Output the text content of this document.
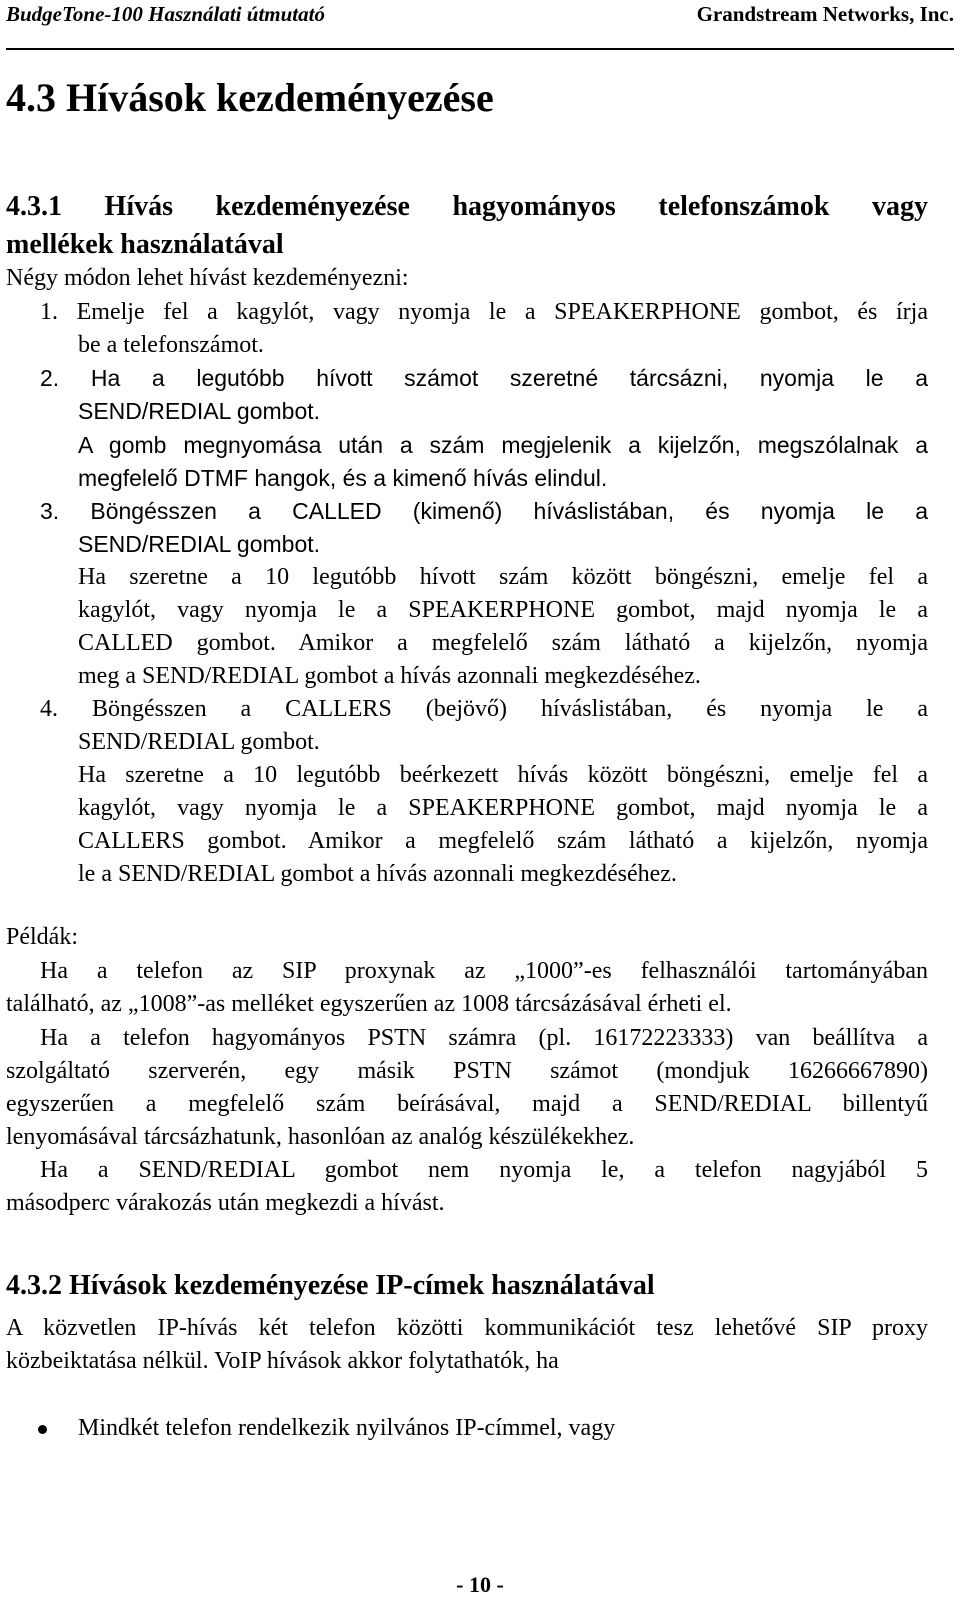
BudgeTone-100 Használati útmutató	Grandstream Networks, Inc.
4.3 Hívások kezdeményezése
4.3.1 Hívás kezdeményezése hagyományos telefonszámok vagy
mellékek használatával
Négy módon lehet hívást kezdeményezni:
1. Emelje fel a kagylót, vagy nyomja le a SPEAKERPHONE gombot, és írja
be a telefonszámot.
2. Ha a legutóbb hívott számot szeretné tárcsázni, nyomja le a
SEND/REDIAL gombot.
A gomb megnyomása után a szám megjelenik a kijelzőn, megszólalnak a
megfelelő DTMF hangok, és a kimenő hívás elindul.
3. Böngésszen a CALLED (kimenő) híváslistában, és nyomja le a
SEND/REDIAL gombot.
Ha szeretne a 10 legutóbb hívott szám között böngészni, emelje fel a
kagylót, vagy nyomja le a SPEAKERPHONE gombot, majd nyomja le a
CALLED gombot. Amikor a megfelelő szám látható a kijelzőn, nyomja
meg a SEND/REDIAL gombot a hívás azonnali megkezdéséhez.
4. Böngésszen a CALLERS (bejövő) híváslistában, és nyomja le a
SEND/REDIAL gombot.
Ha szeretne a 10 legutóbb beérkezett hívás között böngészni, emelje fel a
kagylót, vagy nyomja le a SPEAKERPHONE gombot, majd nyomja le a
CALLERS gombot. Amikor a megfelelő szám látható a kijelzőn, nyomja
le a SEND/REDIAL gombot a hívás azonnali megkezdéséhez.
Példák:
Ha a telefon az SIP proxynak az „1000”-es felhasználói tartományában
található, az „1008”-as melléket egyszerűen az 1008 tárcsázásával érheti el.
Ha a telefon hagyományos PSTN számra (pl. 16172223333) van beállítva a
szolgáltató szerverén, egy másik PSTN számot (mondjuk 16266667890)
egyszerűen a megfelelő szám beírásával, majd a SEND/REDIAL billentyű
lenyomásával tárcsázhatunk, hasonlóan az analóg készülékekhez.
Ha a SEND/REDIAL gombot nem nyomja le, a telefon nagyjából 5
másodperc várakozás után megkezdi a hívást.
4.3.2 Hívások kezdeményezése IP-címek használatával
A közvetlen IP-hívás két telefon közötti kommunikációt tesz lehetővé SIP proxy
közbeiktatása nélkül. VoIP hívások akkor folytathatók, ha
Mindkét telefon rendelkezik nyilvános IP-címmel, vagy
- 10 -
